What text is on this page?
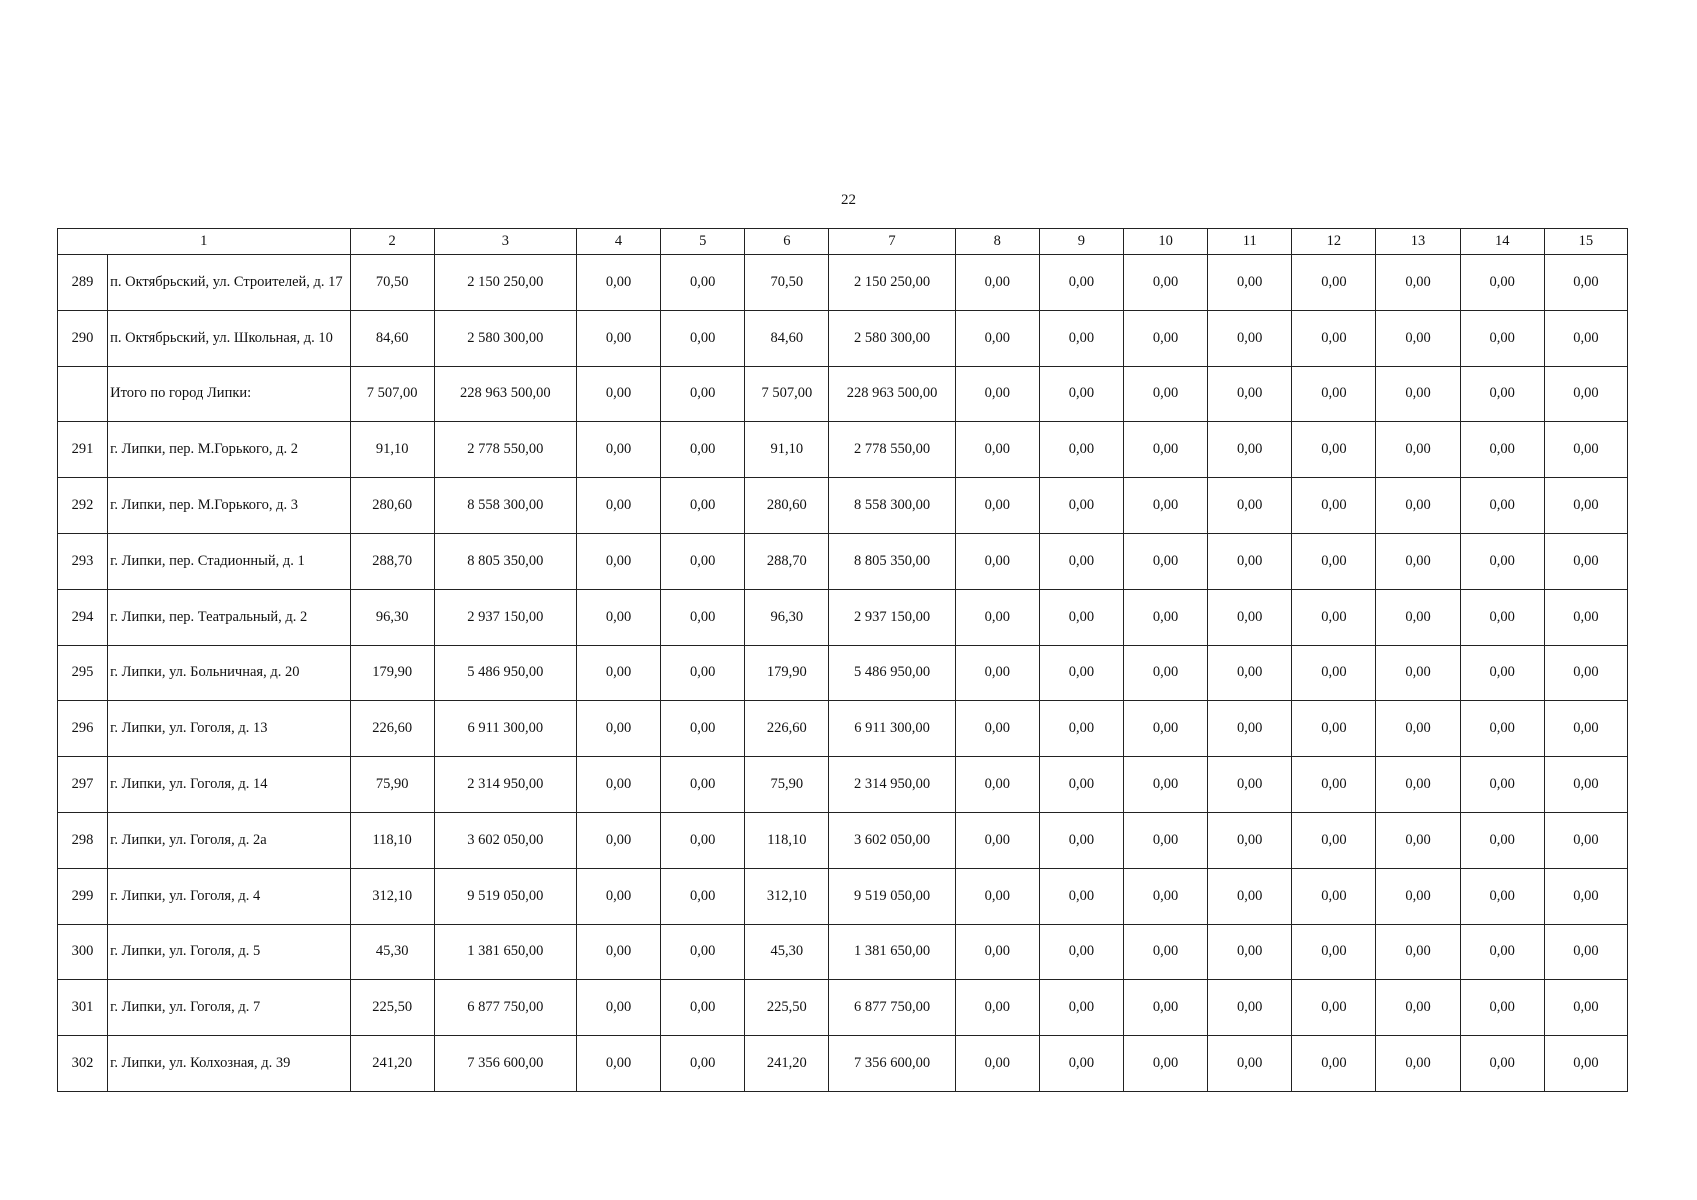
22
1		2	3	4	5	6	7	8	9	10	11	12	13	14	15
289	п. Октябрьский, ул. Строителей, д. 17	70,50	2 150 250,00	0,00	0,00	70,50	2 150 250,00	0,00	0,00	0,00	0,00	0,00	0,00	0,00	0,00
290	п. Октябрьский, ул. Школьная, д. 10	84,60	2 580 300,00	0,00	0,00	84,60	2 580 300,00	0,00	0,00	0,00	0,00	0,00	0,00	0,00	0,00
	Итого по город Липки:	7 507,00	228 963 500,00	0,00	0,00	7 507,00	228 963 500,00	0,00	0,00	0,00	0,00	0,00	0,00	0,00	0,00
291	г. Липки, пер. М.Горького, д. 2	91,10	2 778 550,00	0,00	0,00	91,10	2 778 550,00	0,00	0,00	0,00	0,00	0,00	0,00	0,00	0,00
292	г. Липки, пер. М.Горького, д. 3	280,60	8 558 300,00	0,00	0,00	280,60	8 558 300,00	0,00	0,00	0,00	0,00	0,00	0,00	0,00	0,00
293	г. Липки, пер. Стадионный, д. 1	288,70	8 805 350,00	0,00	0,00	288,70	8 805 350,00	0,00	0,00	0,00	0,00	0,00	0,00	0,00	0,00
294	г. Липки, пер. Театральный, д. 2	96,30	2 937 150,00	0,00	0,00	96,30	2 937 150,00	0,00	0,00	0,00	0,00	0,00	0,00	0,00	0,00
295	г. Липки, ул. Больничная, д. 20	179,90	5 486 950,00	0,00	0,00	179,90	5 486 950,00	0,00	0,00	0,00	0,00	0,00	0,00	0,00	0,00
296	г. Липки, ул. Гоголя, д. 13	226,60	6 911 300,00	0,00	0,00	226,60	6 911 300,00	0,00	0,00	0,00	0,00	0,00	0,00	0,00	0,00
297	г. Липки, ул. Гоголя, д. 14	75,90	2 314 950,00	0,00	0,00	75,90	2 314 950,00	0,00	0,00	0,00	0,00	0,00	0,00	0,00	0,00
298	г. Липки, ул. Гоголя, д. 2а	118,10	3 602 050,00	0,00	0,00	118,10	3 602 050,00	0,00	0,00	0,00	0,00	0,00	0,00	0,00	0,00
299	г. Липки, ул. Гоголя, д. 4	312,10	9 519 050,00	0,00	0,00	312,10	9 519 050,00	0,00	0,00	0,00	0,00	0,00	0,00	0,00	0,00
300	г. Липки, ул. Гоголя, д. 5	45,30	1 381 650,00	0,00	0,00	45,30	1 381 650,00	0,00	0,00	0,00	0,00	0,00	0,00	0,00	0,00
301	г. Липки, ул. Гоголя, д. 7	225,50	6 877 750,00	0,00	0,00	225,50	6 877 750,00	0,00	0,00	0,00	0,00	0,00	0,00	0,00	0,00
302	г. Липки, ул. Колхозная, д. 39	241,20	7 356 600,00	0,00	0,00	241,20	7 356 600,00	0,00	0,00	0,00	0,00	0,00	0,00	0,00	0,00
